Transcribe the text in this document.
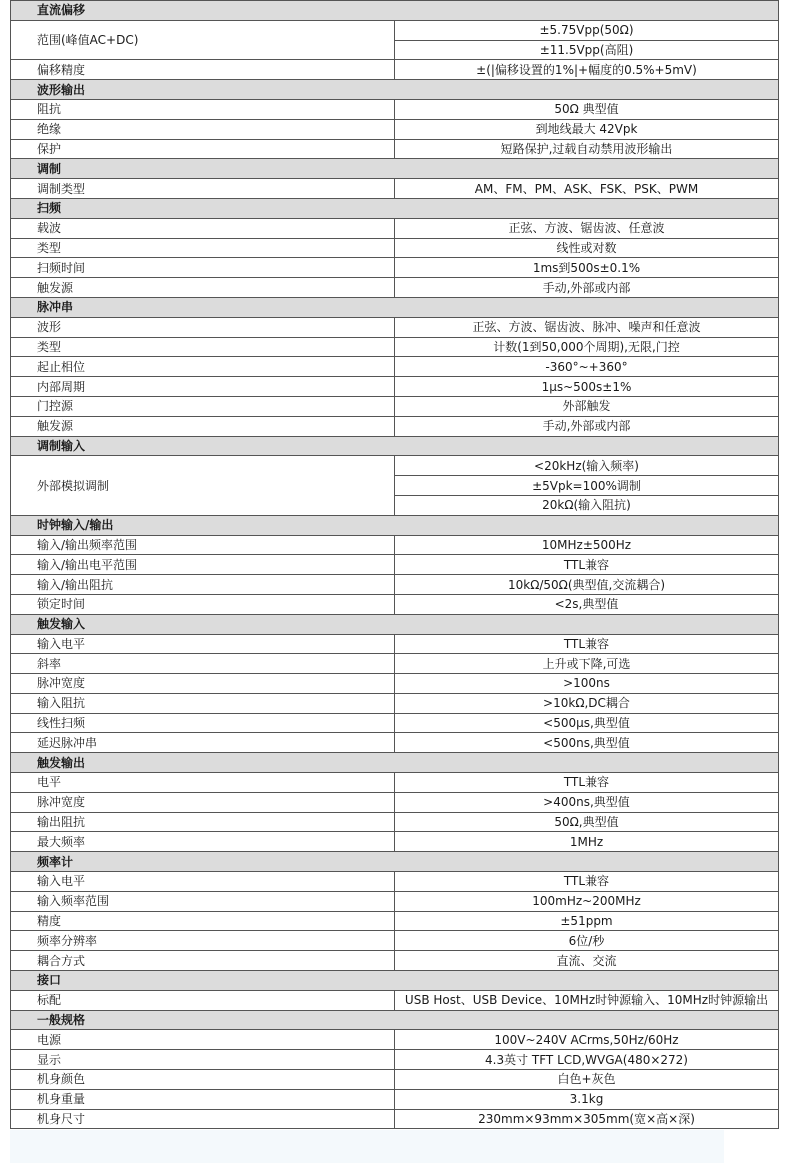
直流偏移	
范围(峰值AC+DC)	±5.75Vpp(50Ω)
	±11.5Vpp(高阻)
偏移精度	±(|偏移设置的1%|+幅度的0.5%+5mV)
波形输出	
阻抗	50Ω 典型值
绝缘	到地线最大 42Vpk
保护	短路保护,过载自动禁用波形输出
调制	
调制类型	AM、FM、PM、ASK、FSK、PSK、PWM
扫频	
载波	正弦、方波、锯齿波、任意波
类型	线性或对数
扫频时间	1ms到500s±0.1%
触发源	手动,外部或内部
脉冲串	
波形	正弦、方波、锯齿波、脉冲、噪声和任意波
类型	计数(1到50,000个周期),无限,门控
起止相位	-360°~+360°
内部周期	1μs~500s±1%
门控源	外部触发
触发源	手动,外部或内部
调制输入	
外部模拟调制	<20kHz(输入频率)
	±5Vpk=100%调制
	20kΩ(输入阻抗)
时钟输入/输出	
输入/输出频率范围	10MHz±500Hz
输入/输出电平范围	TTL兼容
输入/输出阻抗	10kΩ/50Ω(典型值,交流耦合)
锁定时间	<2s,典型值
触发输入	
输入电平	TTL兼容
斜率	上升或下降,可选
脉冲宽度	>100ns
输入阻抗	>10kΩ,DC耦合
线性扫频	<500μs,典型值
延迟脉冲串	<500ns,典型值
触发输出	
电平	TTL兼容
脉冲宽度	>400ns,典型值
输出阻抗	50Ω,典型值
最大频率	1MHz
频率计	
输入电平	TTL兼容
输入频率范围	100mHz~200MHz
精度	±51ppm
频率分辨率	6位/秒
耦合方式	直流、交流
接口	
标配	USB Host、USB Device、10MHz时钟源输入、10MHz时钟源输出
一般规格	
电源	100V~240V ACrms,50Hz/60Hz
显示	4.3英寸 TFT LCD,WVGA(480×272)
机身颜色	白色+灰色
机身重量	3.1kg
机身尺寸	230mm×93mm×305mm(宽×高×深)
